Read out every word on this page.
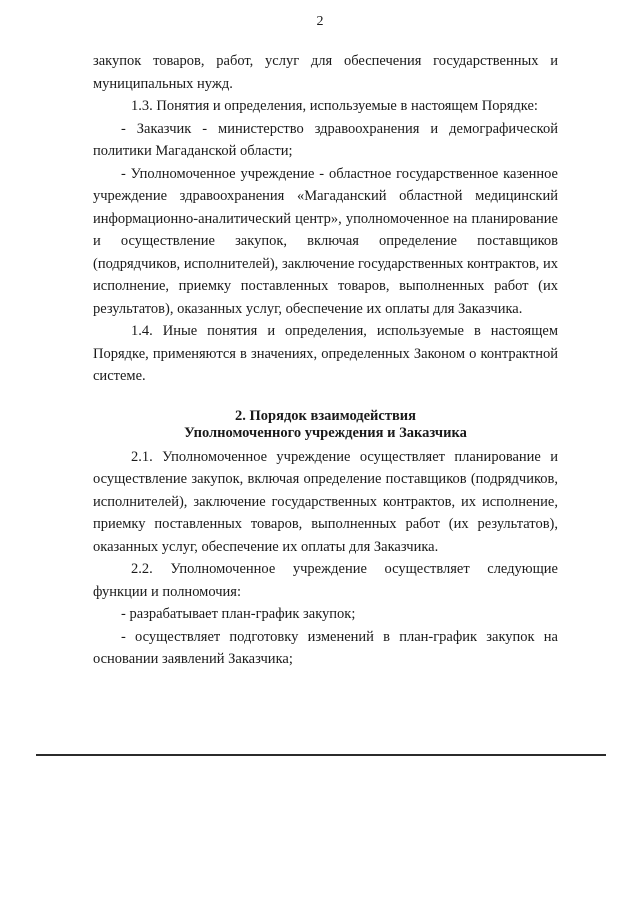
2

закупок товаров, работ, услуг для обеспечения государственных и муниципальных нужд.

1.3. Понятия и определения, используемые в настоящем Порядке:

- Заказчик - министерство здравоохранения и демографической политики Магаданской области;

- Уполномоченное учреждение - областное государственное казенное учреждение здравоохранения «Магаданский областной медицинский информационно-аналитический центр», уполномоченное на планирование и осуществление закупок, включая определение поставщиков (подрядчиков, исполнителей), заключение государственных контрактов, их исполнение, приемку поставленных товаров, выполненных работ (их результатов), оказанных услуг, обеспечение их оплаты для Заказчика.

1.4. Иные понятия и определения, используемые в настоящем Порядке, применяются в значениях, определенных Законом о контрактной системе.

2. Порядок взаимодействия
Уполномоченного учреждения и Заказчика

2.1. Уполномоченное учреждение осуществляет планирование и осуществление закупок, включая определение поставщиков (подрядчиков, исполнителей), заключение государственных контрактов, их исполнение, приемку поставленных товаров, выполненных работ (их результатов), оказанных услуг, обеспечение их оплаты для Заказчика.

2.2. Уполномоченное учреждение осуществляет следующие функции и полномочия:

- разрабатывает план-график закупок;

- осуществляет подготовку изменений в план-график закупок на основании заявлений Заказчика;
